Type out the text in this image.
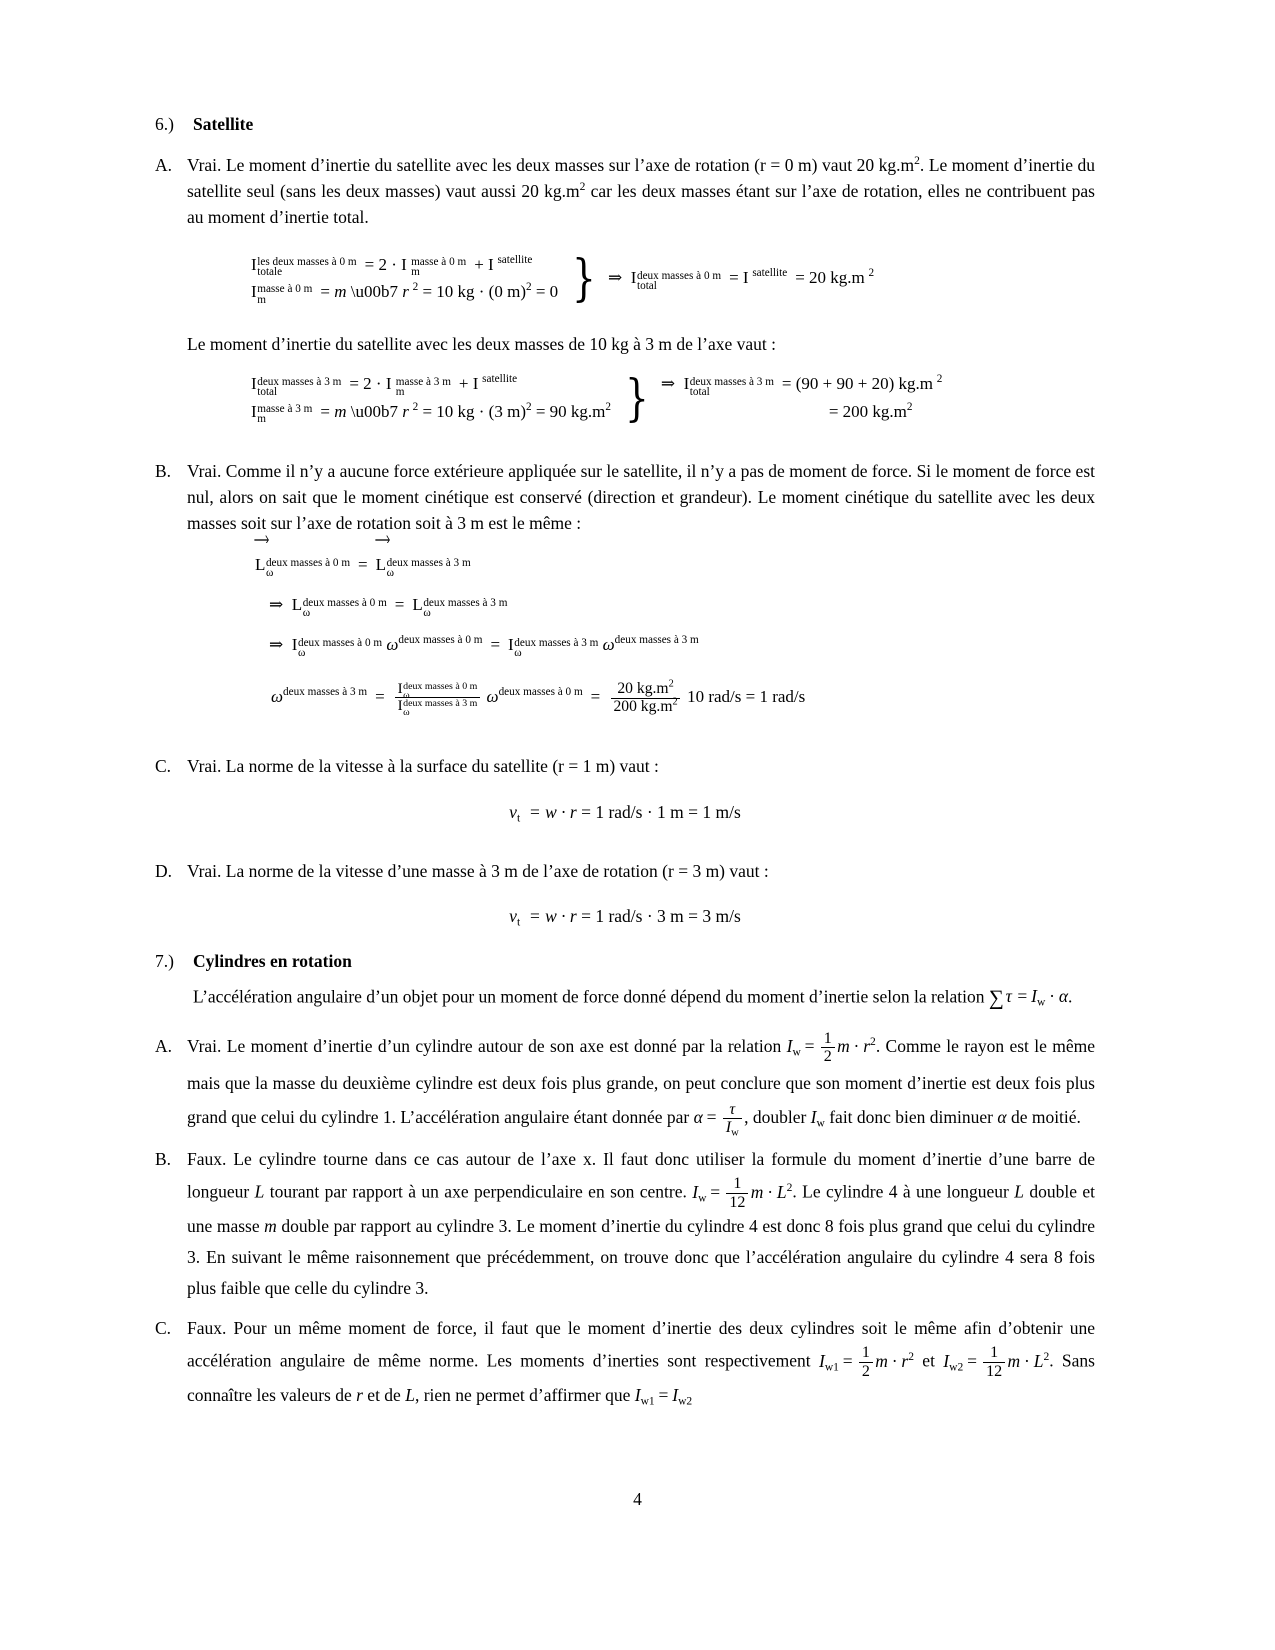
6.)	Satellite
A. Vrai. Le moment d’inertie du satellite avec les deux masses sur l’axe de rotation (r = 0 m) vaut 20 $kg.m^2$. Le moment d’inertie du satellite seul (sans les deux masses) vaut aussi 20 $kg.m^2$ car les deux masses étant sur l’axe de rotation, elles ne contribuent pas au moment d’inertie total.
I les deux masses à 0 m
totale	= 2 · I masse à 0 m
m	+ I $^{satellite}$
I masse à 0 m
m	= m \u00b7 r $^2$ = 10 kg · (0 m)$^2$ = 0 } ⇒  I deux masses à 0 m
total	= I $^{satellite}$ = 20 kg.m $^2$
Le moment d’inertie du satellite avec les deux masses de 10 kg à 3 m de l’axe vaut :
I deux masses à 3 m
total	= 2 · I masse à 3 m
m	+ I $^{satellite}$
I masse à 3 m
m	= m \u00b7 r $^2$ = 10 kg · (3 m)$^2$ = 90 $kg.m^2$ } ⇒  I deux masses à 3 m
total	= (90 + 90 + 20) kg.m $^2$
= 200 $kg.m^2$
B. Vrai. Comme il n’y a aucune force extérieure appliquée sur le satellite, il n’y a pas de moment de force. Si le moment de force est nul, alors on sait que le moment cinétique est conservé (direction et grandeur). Le moment cinétique du satellite avec les deux masses soit sur l’axe de rotation soit à 3 m est le même :
L deux masses à 0 m
ω	= L deux masses à 3 m
ω
⇒  L deux masses à 0 m
ω	= L deux masses à 3 m
ω
⇒  I deux masses à 0 m
ω	$\omega^{deux masses à 0 m} = I$ deux masses à 3 m
ω	$\omega^{deux masses à 3 m}$
$\omega^{deux masses à 3 m} = I$ deux masses à 0 m
ω
I deux masses à 3 m
ω $\omega^{deux masses à 0 m} = \frac{20 kg.m^2}{200 kg.m^2} 10$ rad/s = 1 rad/s
C. Vrai. La norme de la vitesse à la surface du satellite (r = 1 m) vaut :
$v_t = w \cdot r = 1$ rad/s · 1 m = 1 m/s
D. Vrai. La norme de la vitesse d’une masse à 3 m de l’axe de rotation (r = 3 m) vaut :
$v_t = w \cdot r = 1$ rad/s · 3 m = 3 m/s
7.)	Cylindres en rotation
L’accélération angulaire d’un objet pour un moment de force donné dépend du moment d’inertie selon la relation ∑ $\tau = I_w \cdot \alpha$.
A. Vrai. Le moment d’inertie d’un cylindre autour de son axe est donné par la relation $I_w = \frac{1}{2}$ $m \cdot r^2$. Comme le rayon est le même mais que la masse du deuxième cylindre est deux fois plus grande, on peut conclure que son moment d’inertie est deux fois plus grand que celui du cylindre 1. L’accélération angulaire étant donnée par $\alpha = \frac{\tau}{I_w}$ , doubler $I_w$ fait donc bien diminuer α de moitié.
B. Faux. Le cylindre tourne dans ce cas autour de l’axe x. Il faut donc utiliser la formule du moment d’inertie d’une barre de longueur L tourant par rapport à un axe perpendiculaire en son centre. $I_w = \frac{1}{12}$ $m \cdot L^2$. Le cylindre 4 à une longueur L double et une masse m double par rapport au cylindre 3. Le moment d’inertie du cylindre 4 est donc 8 fois plus grand que celui du cylindre 3. En suivant le même raisonnement que précédemment, on trouve donc que l’accélération angulaire du cylindre 4 sera 8 fois plus faible que celle du cylindre 3.
C. Faux. Pour un même moment de force, il faut que le moment d’inertie des deux cylindres soit le même afin d’obtenir une accélération angulaire de même norme. Les moments d’inerties sont respectivement $I_{w1} = \frac{1}{2}$ $m \cdot r^2$ et $I_{w2} = \frac{1}{12}$ $m \cdot L^2$. Sans connaître les valeurs de r et de L, rien ne permet d’affirmer que $I_{w1} = I_{w2}$
4
